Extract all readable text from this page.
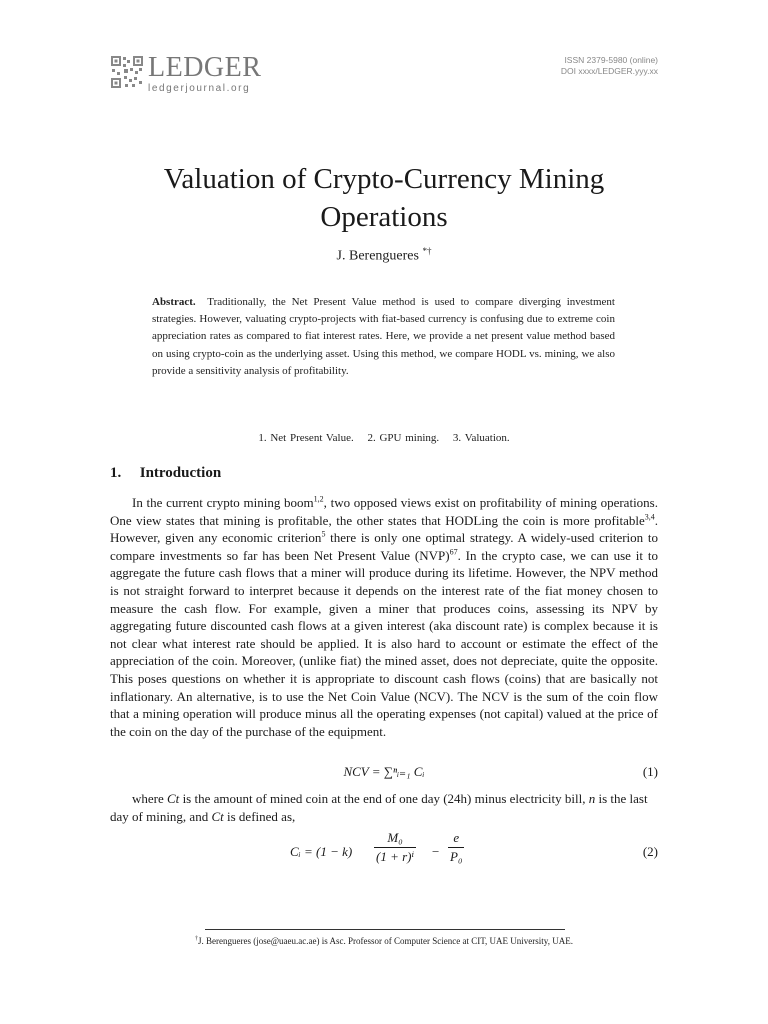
LEDGER
ledgerjournal.org
ISSN 2379-5980 (online)
DOI xxxx/LEDGER.yyy.xx
Valuation of Crypto-Currency Mining
Operations
J. Berengueres *†
Abstract. Traditionally, the Net Present Value method is used to compare diverging investment strategies. However, valuating crypto-projects with fiat-based currency is confusing due to extreme coin appreciation rates as compared to fiat interest rates. Here, we provide a net present value method based on using crypto-coin as the underlying asset. Using this method, we compare HODL vs. mining, we also provide a sensitivity analysis of profitability.
1. Net Present Value. 2. GPU mining. 3. Valuation.
1. Introduction
In the current crypto mining boom$^{1,2}$, two opposed views exist on profitability of mining operations. One view states that mining is profitable, the other states that HODLing the coin is more profitable$^{3,4}$. However, given any economic criterion$^5$ there is only one optimal strategy. A widely-used criterion to compare investments so far has been Net Present Value (NVP)$^{67}$. In the crypto case, we can use it to aggregate the future cash flows that a miner will produce during its lifetime. However, the NPV method is not straight forward to interpret because it depends on the interest rate of the fiat money chosen to measure the cash flow. For example, given a miner that produces coins, assessing its NPV by aggregating future discounted cash flows at a given interest (aka discount rate) is complex because it is not clear what interest rate should be applied. It is also hard to account or estimate the effect of the appreciation of the coin. Moreover, (unlike fiat) the mined asset, does not depreciate, quite the opposite. This poses questions on whether it is appropriate to discount cash flows (coins) that are basically not inflationary. An alternative, is to use the Net Coin Value (NCV). The NCV is the sum of the coin flow that a mining operation will produce minus all the operating expenses (not capital) valued at the price of the coin on the day of the purchase of the equipment.
NCV = ∑ⁿᵢ₌₁ Cᵢ	(1)
where Ct is the amount of mined coin at the end of one day (24h) minus electricity bill, n is the last day of mining, and Ct is defined as,
Cᵢ = $(1 - k) \frac{\text{M₀}}{\text{(1 + r)ⁱ}} - \frac{e}{\text{P₀}}$	(2)
†J. Berengueres (jose@uaeu.ac.ae) is Asc. Professor of Computer Science at CIT, UAE University, UAE.
